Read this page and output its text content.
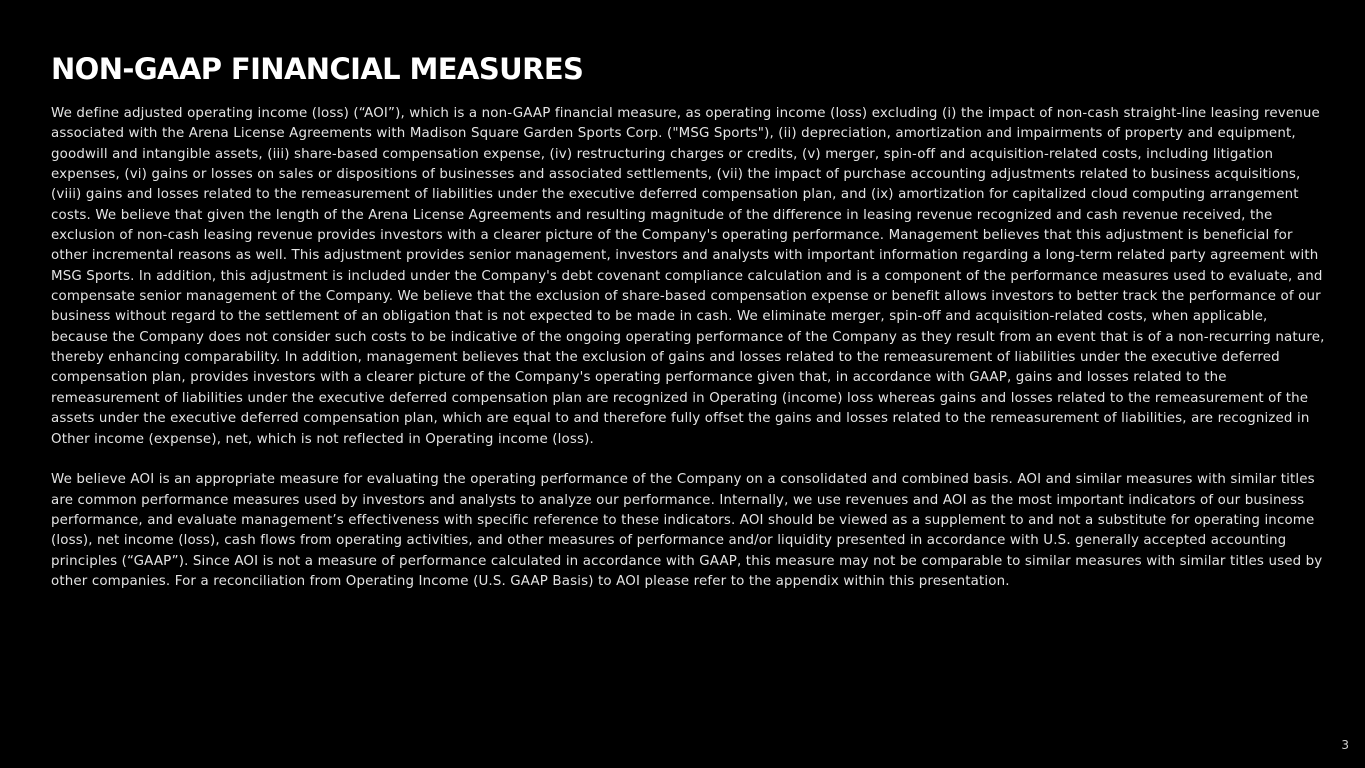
NON-GAAP FINANCIAL MEASURES

We define adjusted operating income (loss) (“AOI”), which is a non-GAAP financial measure, as operating income (loss) excluding (i) the impact of non-cash straight-line leasing revenue associated with the Arena License Agreements with Madison Square Garden Sports Corp. ("MSG Sports"), (ii) depreciation, amortization and impairments of property and equipment, goodwill and intangible assets, (iii) share-based compensation expense, (iv) restructuring charges or credits, (v) merger, spin-off and acquisition-related costs, including litigation expenses, (vi) gains or losses on sales or dispositions of businesses and associated settlements, (vii) the impact of purchase accounting adjustments related to business acquisitions, (viii) gains and losses related to the remeasurement of liabilities under the executive deferred compensation plan, and (ix) amortization for capitalized cloud computing arrangement costs. We believe that given the length of the Arena License Agreements and resulting magnitude of the difference in leasing revenue recognized and cash revenue received, the exclusion of non-cash leasing revenue provides investors with a clearer picture of the Company's operating performance. Management believes that this adjustment is beneficial for other incremental reasons as well. This adjustment provides senior management, investors and analysts with important information regarding a long-term related party agreement with MSG Sports. In addition, this adjustment is included under the Company's debt covenant compliance calculation and is a component of the performance measures used to evaluate, and compensate senior management of the Company. We believe that the exclusion of share-based compensation expense or benefit allows investors to better track the performance of our business without regard to the settlement of an obligation that is not expected to be made in cash. We eliminate merger, spin-off and acquisition-related costs, when applicable, because the Company does not consider such costs to be indicative of the ongoing operating performance of the Company as they result from an event that is of a non-recurring nature, thereby enhancing comparability. In addition, management believes that the exclusion of gains and losses related to the remeasurement of liabilities under the executive deferred compensation plan, provides investors with a clearer picture of the Company's operating performance given that, in accordance with GAAP, gains and losses related to the remeasurement of liabilities under the executive deferred compensation plan are recognized in Operating (income) loss whereas gains and losses related to the remeasurement of the assets under the executive deferred compensation plan, which are equal to and therefore fully offset the gains and losses related to the remeasurement of liabilities, are recognized in Other income (expense), net, which is not reflected in Operating income (loss).

We believe AOI is an appropriate measure for evaluating the operating performance of the Company on a consolidated and combined basis. AOI and similar measures with similar titles are common performance measures used by investors and analysts to analyze our performance. Internally, we use revenues and AOI as the most important indicators of our business performance, and evaluate management’s effectiveness with specific reference to these indicators. AOI should be viewed as a supplement to and not a substitute for operating income (loss), net income (loss), cash flows from operating activities, and other measures of performance and/or liquidity presented in accordance with U.S. generally accepted accounting principles (“GAAP”). Since AOI is not a measure of performance calculated in accordance with GAAP, this measure may not be comparable to similar measures with similar titles used by other companies. For a reconciliation from Operating Income (U.S. GAAP Basis) to AOI please refer to the appendix within this presentation.

3
